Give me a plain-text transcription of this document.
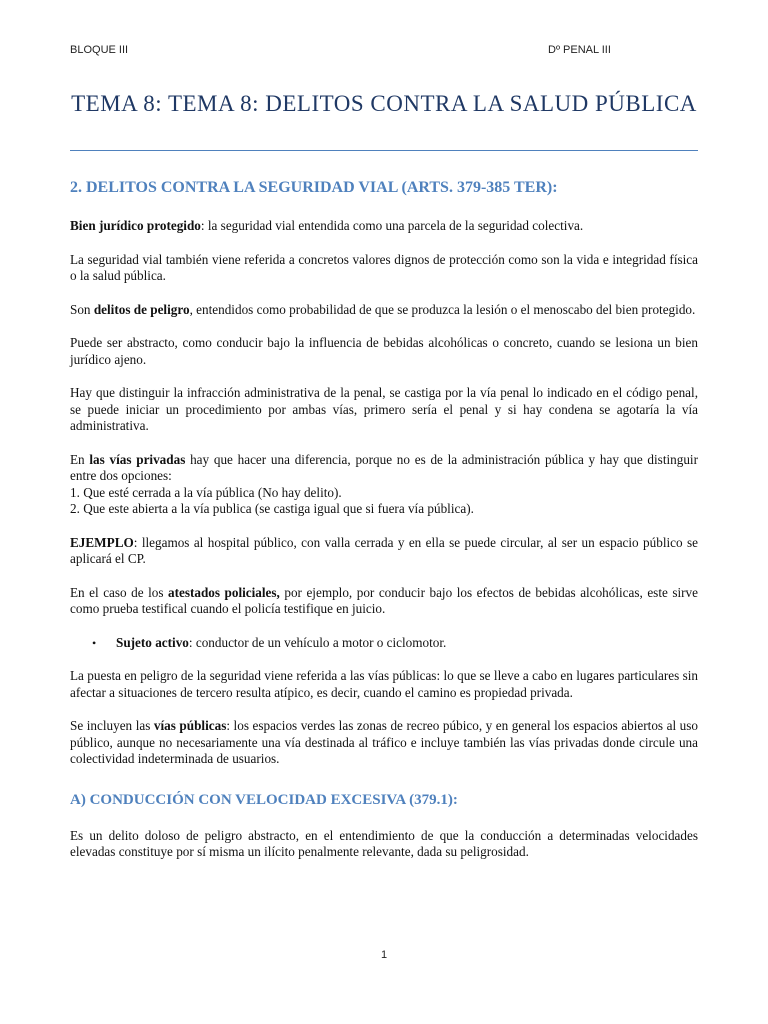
BLOQUE III	Dº PENAL III
TEMA 8: TEMA 8: DELITOS CONTRA LA SALUD PÚBLICA
2. DELITOS CONTRA LA SEGURIDAD VIAL (ARTS. 379-385 TER):

Bien jurídico protegido: la seguridad vial entendida como una parcela de la seguridad colectiva.

La seguridad vial también viene referida a concretos valores dignos de protección como son la vida e integridad física o la salud pública.

Son delitos de peligro, entendidos como probabilidad de que se produzca la lesión o el menoscabo del bien protegido.

Puede ser abstracto, como conducir bajo la influencia de bebidas alcohólicas o concreto, cuando se lesiona un bien jurídico ajeno.

Hay que distinguir la infracción administrativa de la penal, se castiga por la vía penal lo indicado en el código penal, se puede iniciar un procedimiento por ambas vías, primero sería el penal y si hay condena se agotaría la vía administrativa.

En las vías privadas hay que hacer una diferencia, porque no es de la administración pública y hay que distinguir entre dos opciones:
1. Que esté cerrada a la vía pública (No hay delito).
2. Que este abierta a la vía publica (se castiga igual que si fuera vía pública).

EJEMPLO: llegamos al hospital público, con valla cerrada y en ella se puede circular, al ser un espacio público se aplicará el CP.

En el caso de los atestados policiales, por ejemplo, por conducir bajo los efectos de bebidas alcohólicas, este sirve como prueba testifical cuando el policía testifique en juicio.

• Sujeto activo: conductor de un vehículo a motor o ciclomotor.

La puesta en peligro de la seguridad viene referida a las vías públicas: lo que se lleve a cabo en lugares particulares sin afectar a situaciones de tercero resulta atípico, es decir, cuando el camino es propiedad privada.

Se incluyen las vías públicas: los espacios verdes las zonas de recreo púbico, y en general los espacios abiertos al uso público, aunque no necesariamente una vía destinada al tráfico e incluye también las vías privadas donde circule una colectividad indeterminada de usuarios.

A) CONDUCCIÓN CON VELOCIDAD EXCESIVA (379.1):

Es un delito doloso de peligro abstracto, en el entendimiento de que la conducción a determinadas velocidades elevadas constituye por sí misma un ilícito penalmente relevante, dada su peligrosidad.

1
